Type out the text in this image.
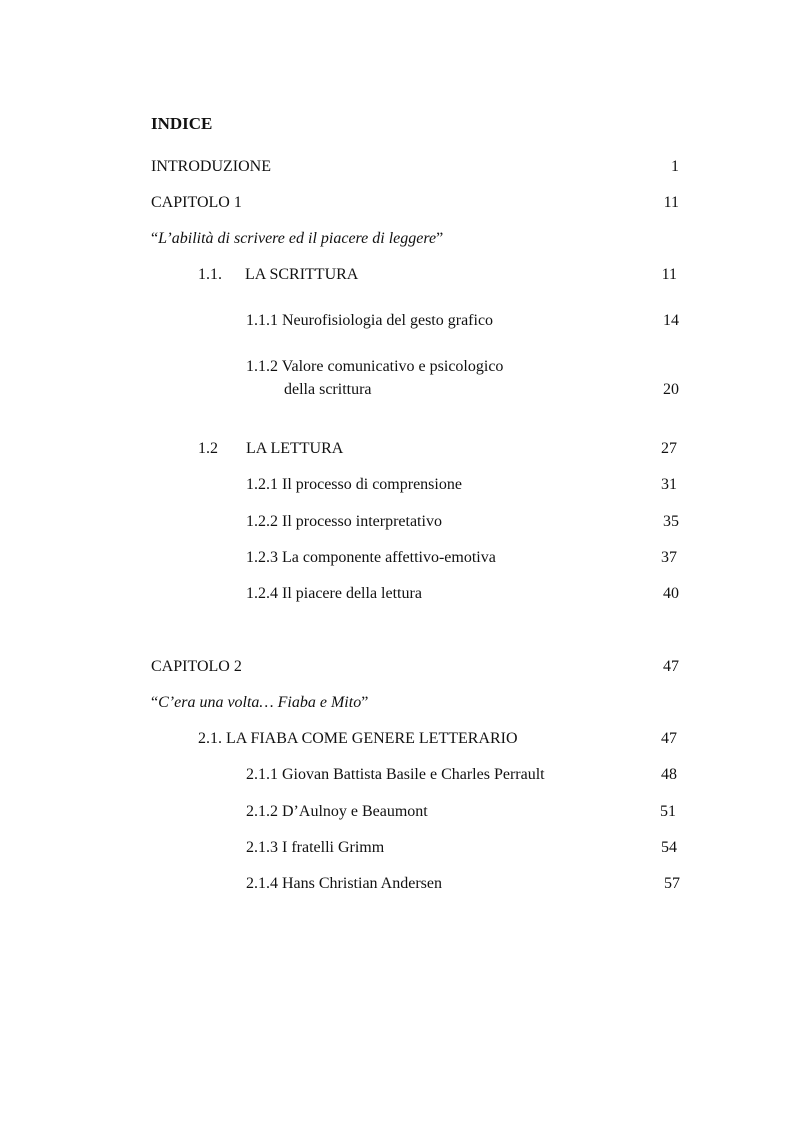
INDICE
INTRODUZIONE	1
CAPITOLO 1	11
“L’abilità di scrivere ed il piacere di leggere”
1.1. LA SCRITTURA	11
1.1.1 Neurofisiologia del gesto grafico	14
1.1.2 Valore comunicativo e psicologico
della scrittura	20
1.2 LA LETTURA	27
1.2.1 Il processo di comprensione	31
1.2.2 Il processo interpretativo	35
1.2.3 La componente affettivo-emotiva	37
1.2.4 Il piacere della lettura	40
CAPITOLO 2	47
“C’era una volta… Fiaba e Mito”
2.1. LA FIABA COME GENERE LETTERARIO	47
2.1.1 Giovan Battista Basile e Charles Perrault	48
2.1.2 D’Aulnoy e Beaumont	51
2.1.3 I fratelli Grimm	54
2.1.4 Hans Christian Andersen	57
